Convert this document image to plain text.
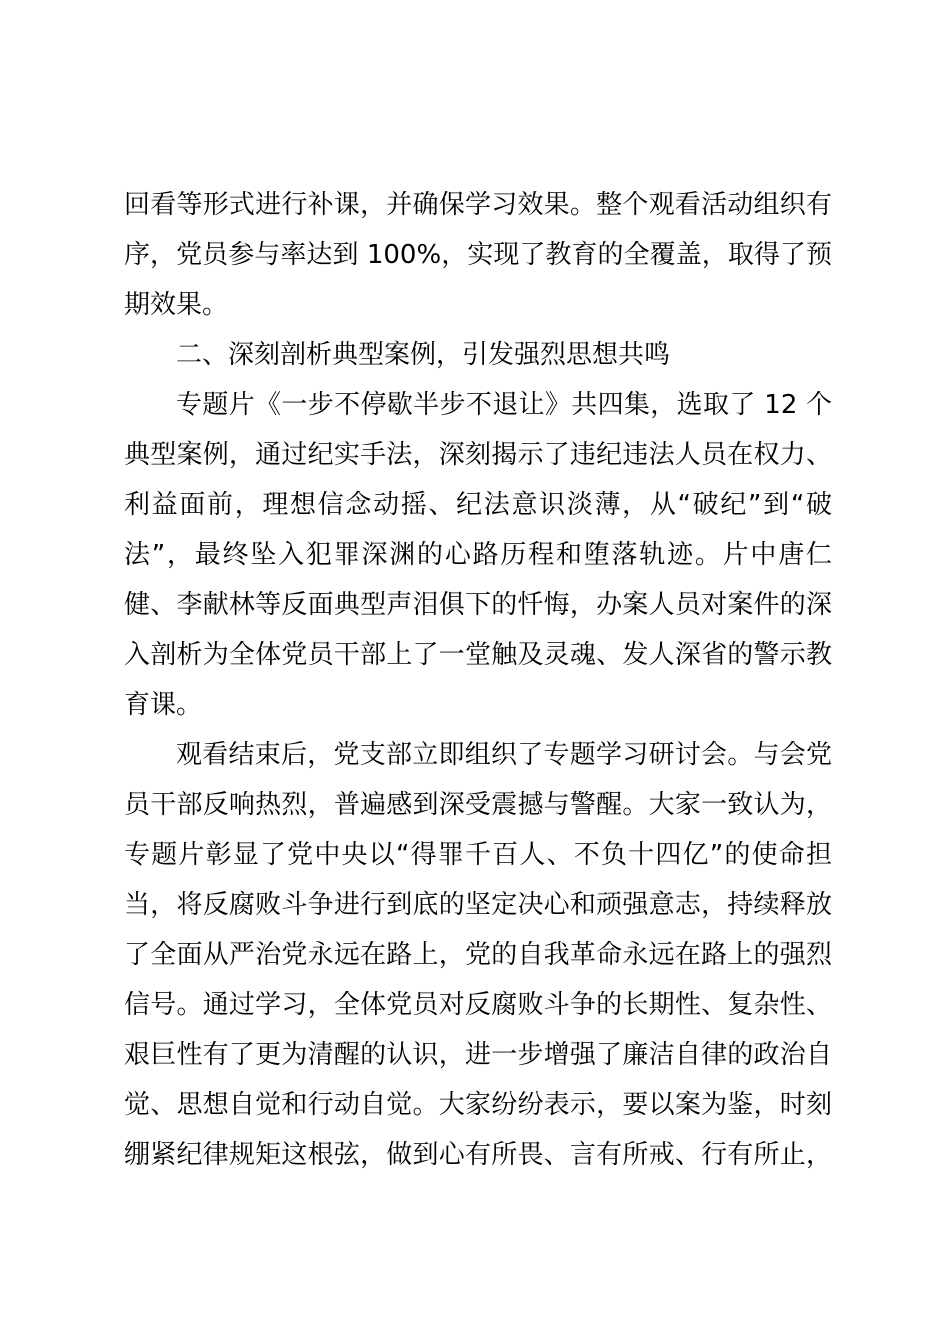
回看等形式进行补课，并确保学习效果。整个观看活动组织有
序，党员参与率达到 100%，实现了教育的全覆盖，取得了预
期效果。
二、深刻剖析典型案例，引发强烈思想共鸣
专题片《一步不停歇半步不退让》共四集，选取了 12 个
典型案例，通过纪实手法，深刻揭示了违纪违法人员在权力、
利益面前，理想信念动摇、纪法意识淡薄，从“破纪”到“破
法”，最终坠入犯罪深渊的心路历程和堕落轨迹。片中唐仁
健、李献林等反面典型声泪俱下的忏悔，办案人员对案件的深
入剖析为全体党员干部上了一堂触及灵魂、发人深省的警示教
育课。
观看结束后，党支部立即组织了专题学习研讨会。与会党
员干部反响热烈，普遍感到深受震撼与警醒。大家一致认为，
专题片彰显了党中央以“得罪千百人、不负十四亿”的使命担
当，将反腐败斗争进行到底的坚定决心和顽强意志，持续释放
了全面从严治党永远在路上，党的自我革命永远在路上的强烈
信号。通过学习，全体党员对反腐败斗争的长期性、复杂性、
艰巨性有了更为清醒的认识，进一步增强了廉洁自律的政治自
觉、思想自觉和行动自觉。大家纷纷表示，要以案为鉴，时刻
绷紧纪律规矩这根弦，做到心有所畏、言有所戒、行有所止，
